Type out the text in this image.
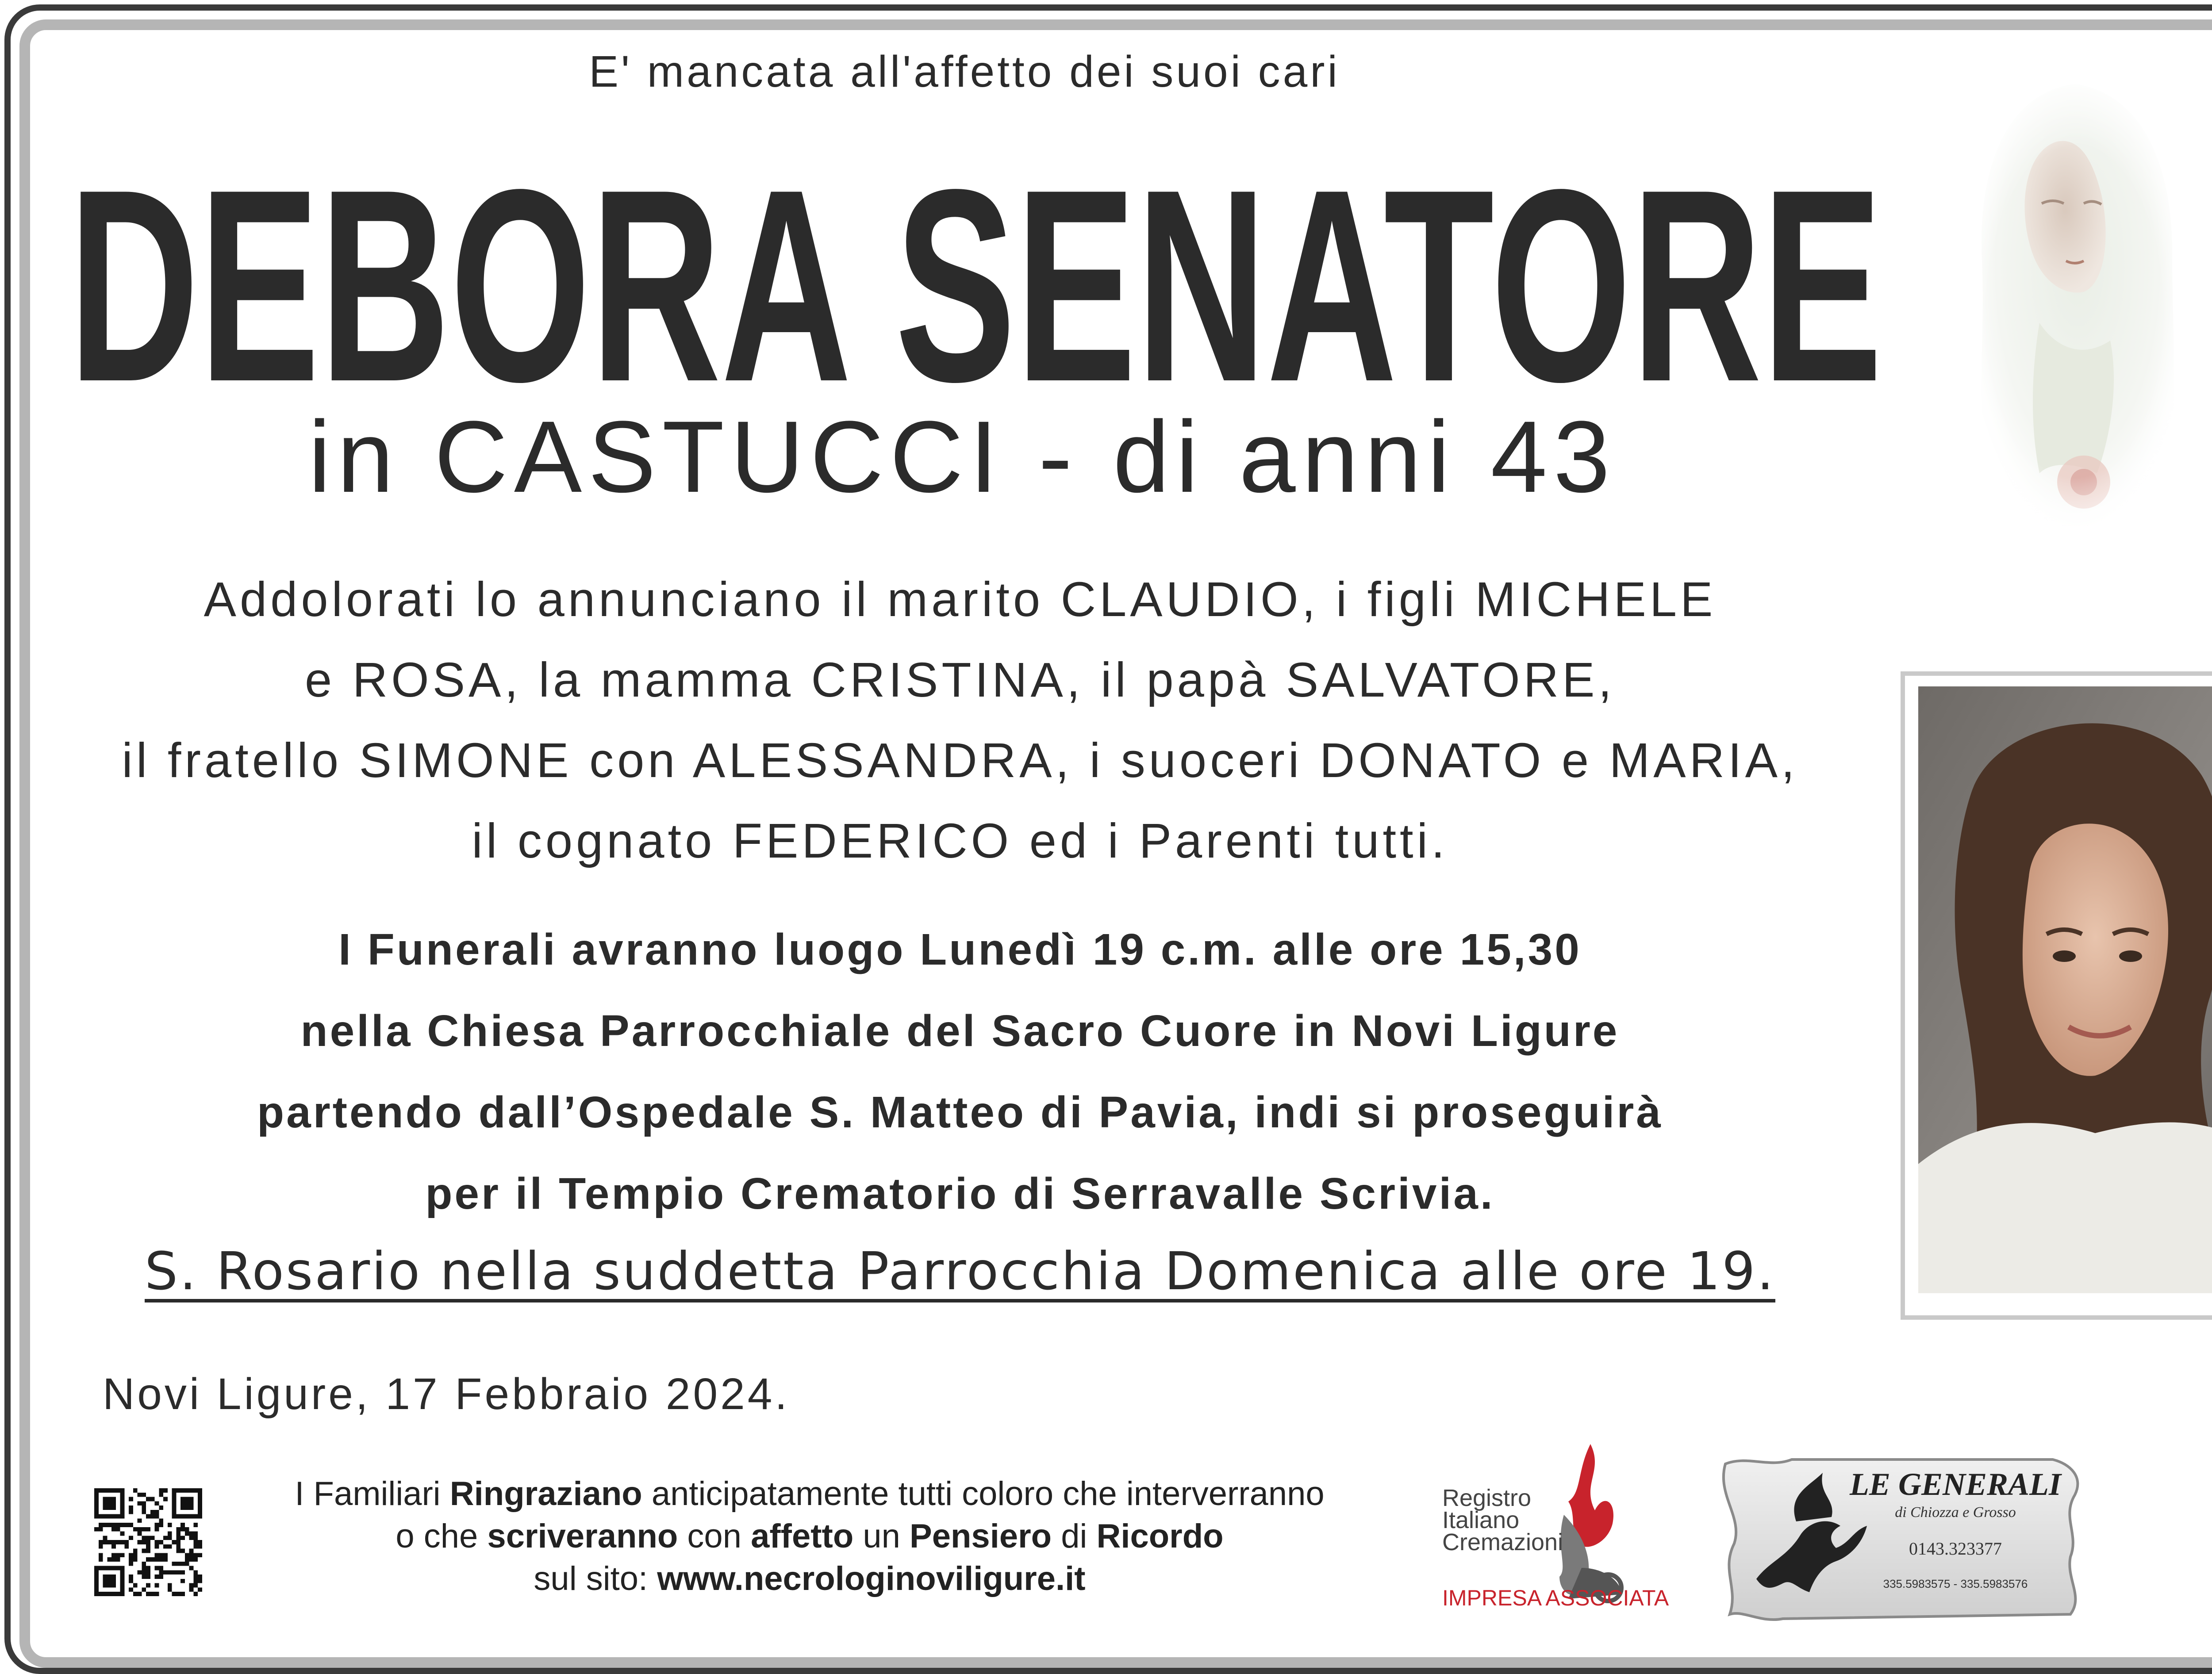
E' mancata all'affetto dei suoi cari
DEBORA SENATORE
in CASTUCCI - di anni 43
Addolorati lo annunciano il marito CLAUDIO, i figli MICHELE
e ROSA, la mamma CRISTINA, il papà SALVATORE,
il fratello SIMONE con ALESSANDRA, i suoceri DONATO e MARIA,
il cognato FEDERICO ed i Parenti tutti.
I Funerali avranno luogo Lunedì 19 c.m. alle ore 15,30
nella Chiesa Parrocchiale del Sacro Cuore in Novi Ligure
partendo dall’Ospedale S. Matteo di Pavia, indi si proseguirà
per il Tempio Crematorio di Serravalle Scrivia.
S. Rosario nella suddetta Parrocchia Domenica alle ore 19.
Novi Ligure, 17 Febbraio 2024.
I Familiari Ringraziano anticipatamente tutti coloro che interverranno
o che scriveranno con affetto un Pensiero di Ricordo
sul sito: www.necrologinoviligure.it
Registro
Italiano
Cremazioni
IMPRESA ASSOCIATA
LE GENERALI
di Chiozza e Grosso
0143.323377
335.5983575 - 335.5983576
